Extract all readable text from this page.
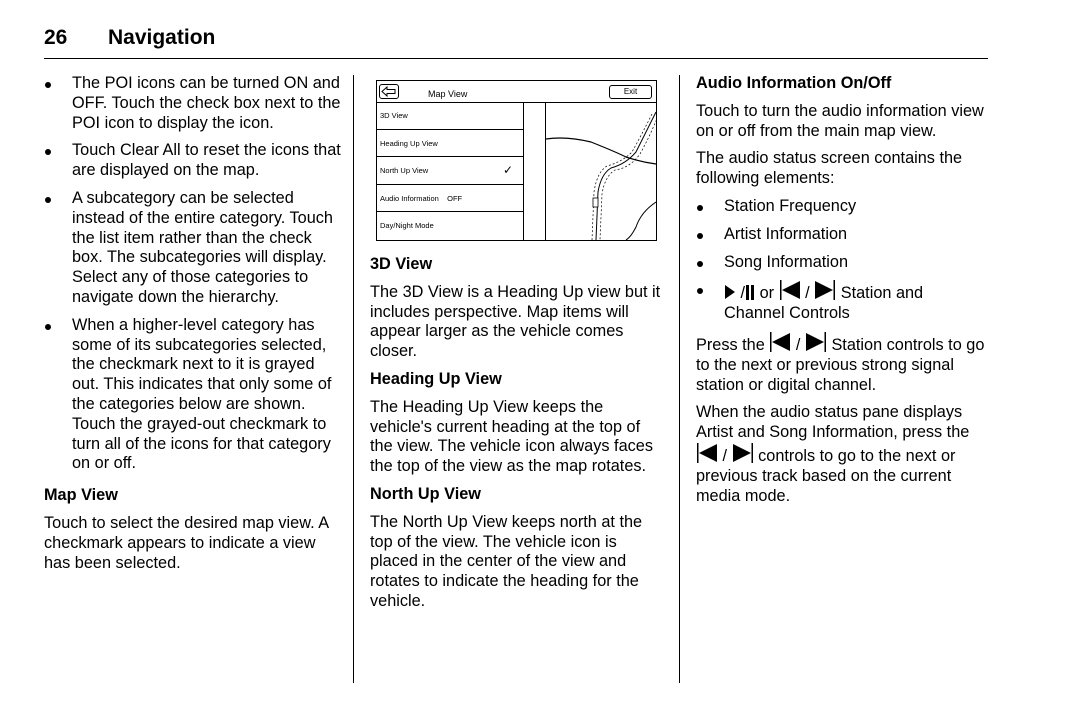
26 Navigation
The POI icons can be turned ON and OFF. Touch the check box next to the POI icon to display the icon.
Touch Clear All to reset the icons that are displayed on the map.
A subcategory can be selected instead of the entire category. Touch the list item rather than the check box. The subcategories will display. Select any of those categories to navigate down the hierarchy.
When a higher-level category has some of its subcategories selected, the checkmark next to it is grayed out. This indicates that only some of the categories below are shown. Touch the grayed-out checkmark to turn all of the icons for that category on or off.
Map View

Touch to select the desired map view. A checkmark appears to indicate a view has been selected.

Map View	Exit
3D View
Heading Up View
North Up View	✓
Audio Information    OFF
Day/Night Mode
3D View

The 3D View is a Heading Up view but it includes perspective. Map items will appear larger as the vehicle comes closer.

Heading Up View

The Heading Up View keeps the vehicle's current heading at the top of the view. The vehicle icon always faces the top of the view as the map rotates.

North Up View

The North Up View keeps north at the top of the view. The vehicle icon is placed in the center of the view and rotates to indicate the heading for the vehicle.

Audio Information On/Off

Touch to turn the audio information view on or off from the main map view.

The audio status screen contains the following elements:

Station Frequency
Artist Information
Song Information
/ or / Station and Channel Controls

Press the / Station controls to go to the next or previous strong signal station or digital channel.

When the audio status pane displays Artist and Song Information, press the  / controls to go to the next or previous track based on the current media mode.
